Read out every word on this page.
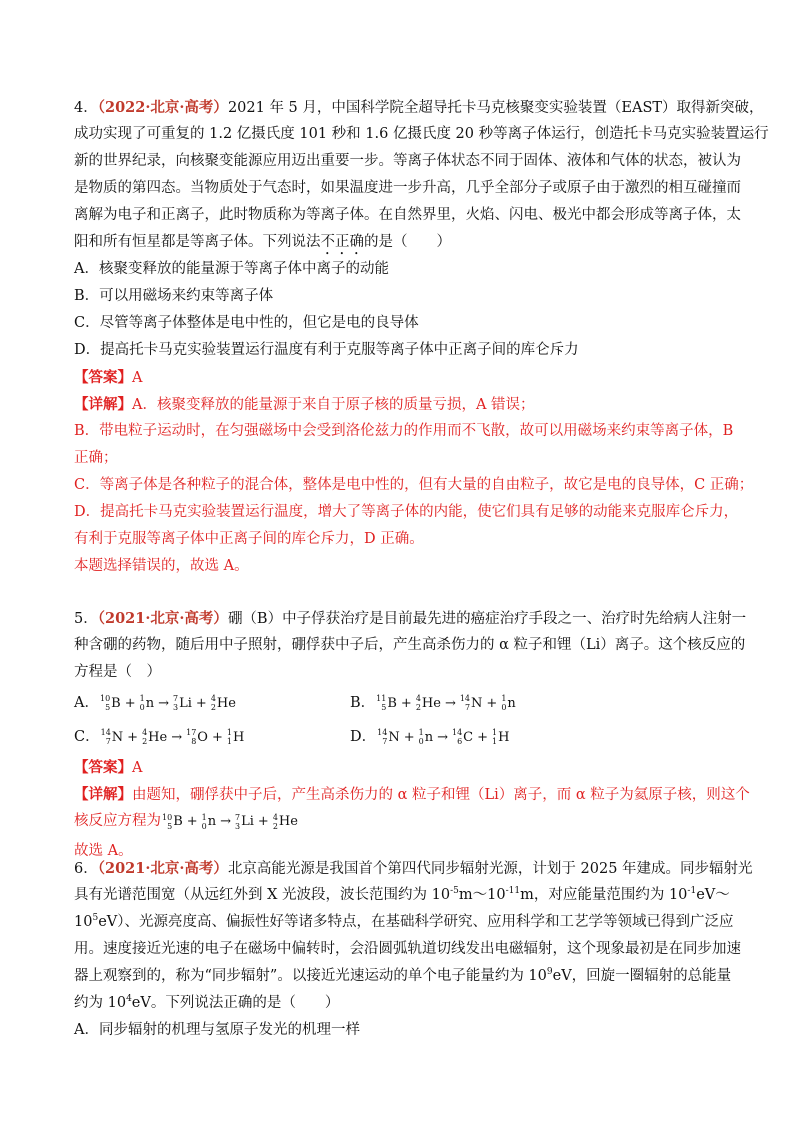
4．（2022·北京·高考）2021 年 5 月，中国科学院全超导托卡马克核聚变实验装置（EAST）取得新突破，
成功实现了可重复的 1.2 亿摄氏度 101 秒和 1.6 亿摄氏度 20 秒等离子体运行，创造托卡马克实验装置运行
新的世界纪录，向核聚变能源应用迈出重要一步。等离子体状态不同于固体、液体和气体的状态，被认为
是物质的第四态。当物质处于气态时，如果温度进一步升高，几乎全部分子或原子由于激烈的相互碰撞而
离解为电子和正离子，此时物质称为等离子体。在自然界里，火焰、闪电、极光中都会形成等离子体，太
阳和所有恒星都是等离子体。下列说法不正确的是（　　）
A．核聚变释放的能量源于等离子体中离子的动能
B．可以用磁场来约束等离子体
C．尽管等离子体整体是电中性的，但它是电的良导体
D．提高托卡马克实验装置运行温度有利于克服等离子体中正离子间的库仑斥力
【答案】A
【详解】A．核聚变释放的能量源于来自于原子核的质量亏损，A 错误；
B．带电粒子运动时，在匀强磁场中会受到洛伦兹力的作用而不飞散，故可以用磁场来约束等离子体，B
正确；
C．等离子体是各种粒子的混合体，整体是电中性的，但有大量的自由粒子，故它是电的良导体，C 正确；
D．提高托卡马克实验装置运行温度，增大了等离子体的内能，使它们具有足够的动能来克服库仑斥力，
有利于克服等离子体中正离子间的库仑斥力，D 正确。
本题选择错误的，故选 A。
5．（2021·北京·高考）硼（B）中子俘获治疗是目前最先进的癌症治疗手段之一、治疗时先给病人注射一
种含硼的药物，随后用中子照射，硼俘获中子后，产生高杀伤力的 α 粒子和锂（Li）离子。这个核反应的
方程是（　）
A． 10
5 B + 1
0 n → 7
3 Li + 4
2 He	B． 11
5 B + 4
2 He → 14
7 N + 1
0 n
C． 14
7 N + 4
2 He → 17
8 O + 1
1 H	D． 14
7 N + 1
0 n → 14
6 C + 1
1 H
【答案】A
【详解】由题知，硼俘获中子后，产生高杀伤力的 α 粒子和锂（Li）离子，而 α 粒子为氦原子核，则这个
核反应方程为 10
5 B + 1
0 n → 7
3 Li + 4
2 He
故选 A。
6．（2021·北京·高考）北京高能光源是我国首个第四代同步辐射光源，计划于 2025 年建成。同步辐射光
具有光谱范围宽（从远红外到 X 光波段，波长范围约为 $10^{-5}m\sim 10^{-11}m$，对应能量范围约为 $10^{-1}eV\sim$
$10^5eV$）、光源亮度高、偏振性好等诸多特点，在基础科学研究、应用科学和工艺学等领域已得到广泛应
用。速度接近光速的电子在磁场中偏转时，会沿圆弧轨道切线发出电磁辐射，这个现象最初是在同步加速
器上观察到的，称为“同步辐射”。以接近光速运动的单个电子能量约为 $10^9eV$，回旋一圈辐射的总能量
约为 $10^4eV$。下列说法正确的是（　　）
A．同步辐射的机理与氢原子发光的机理一样
